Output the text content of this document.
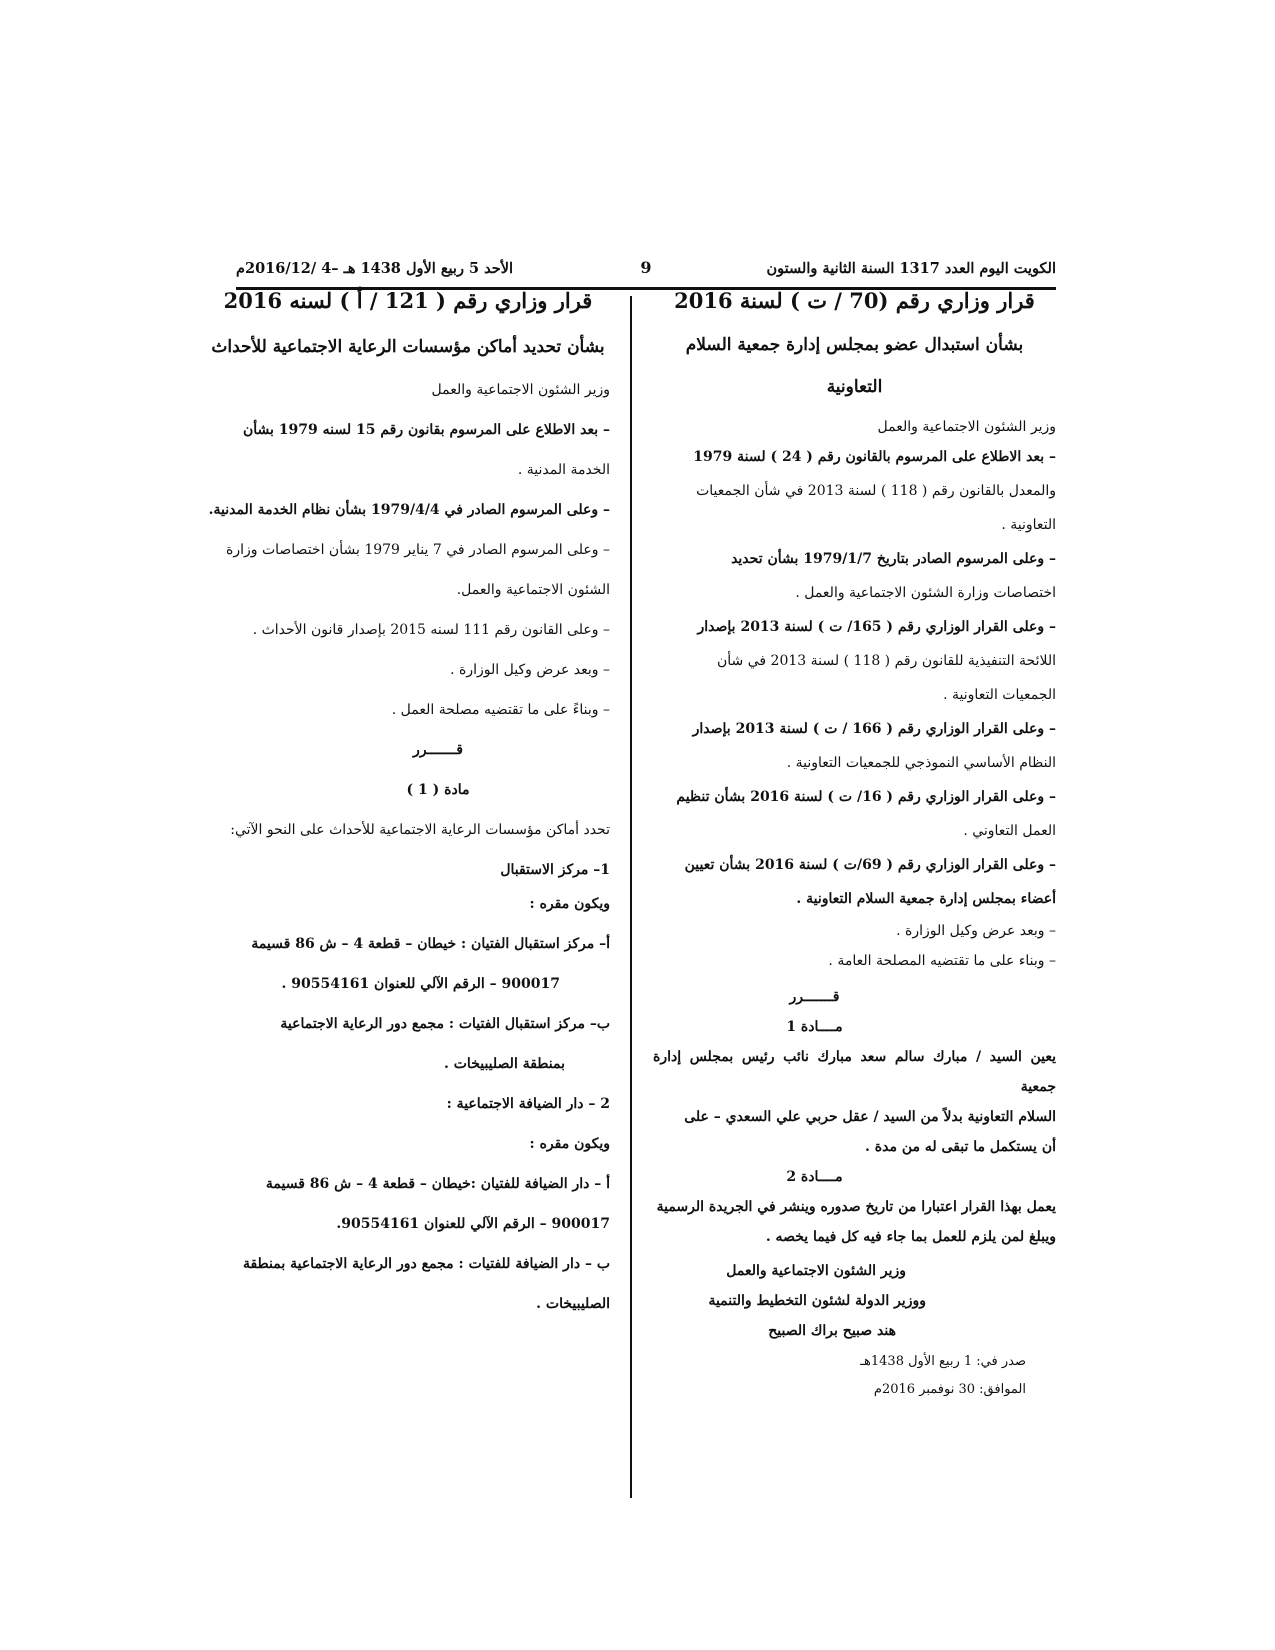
الكويت اليوم العدد 1317 السنة الثانية والستون
9
الأحد 5 ربيع الأول 1438 هـ –4 /2016/12م

قرار وزاري رقم (70 / ت ) لسنة 2016

بشأن استبدال عضو بمجلس إدارة جمعية السلام

التعاونية

وزير الشئون الاجتماعية والعمل

– بعد الاطلاع على المرسوم بالقانون رقم ( 24 ) لسنة 1979

والمعدل بالقانون رقم ( 118 ) لسنة 2013 في شأن الجمعيات

التعاونية .

– وعلى المرسوم الصادر بتاريخ 1979/1/7 بشأن تحديد

اختصاصات وزارة الشئون الاجتماعية والعمل .

– وعلى القرار الوزاري رقم ( 165/ ت ) لسنة 2013 بإصدار

اللائحة التنفيذية للقانون رقم ( 118 ) لسنة 2013 في شأن

الجمعيات التعاونية .

– وعلى القرار الوزاري رقم ( 166 / ت ) لسنة 2013 بإصدار

النظام الأساسي النموذجي للجمعيات التعاونية .

– وعلى القرار الوزاري رقم ( 16/ ت ) لسنة 2016 بشأن تنظيم

العمل التعاوني .

– وعلى القرار الوزاري رقم ( 69/ت ) لسنة 2016 بشأن تعيين

أعضاء بمجلس إدارة جمعية السلام التعاونية .

– وبعد عرض وكيل الوزارة .

– وبناء على ما تقتضيه المصلحة العامة .

قـــــــرر

مــــادة 1

يعين السيد / مبارك سالم سعد مبارك نائب رئيس بمجلس إدارة جمعية

السلام التعاونية بدلاً من السيد / عقل حربي علي السعدي – على

أن يستكمل ما تبقى له من مدة .

مــــادة 2

يعمل بهذا القرار اعتبارا من تاريخ صدوره وينشر في الجريدة الرسمية

ويبلغ لمن يلزم للعمل بما جاء فيه كل فيما يخصه .

وزير الشئون الاجتماعية والعمل

ووزير الدولة لشئون التخطيط والتنمية

هند صبيح براك الصبيح

صدر في: 1 ربيع الأول 1438هـ

الموافق: 30 نوفمبر 2016م

قرار وزاري رقم ( 121 / أ ) لسنه 2016

بشأن تحديد أماكن مؤسسات الرعاية الاجتماعية للأحداث

وزير الشئون الاجتماعية والعمل

– بعد الاطلاع على المرسوم بقانون رقم 15 لسنه 1979 بشأن

الخدمة المدنية .

– وعلى المرسوم الصادر في 1979/4/4 بشأن نظام الخدمة المدنية.

– وعلى المرسوم الصادر في 7 يناير 1979 بشأن اختصاصات وزارة

الشئون الاجتماعية والعمل.

– وعلى القانون رقم 111 لسنه 2015 بإصدار قانون الأحداث .

– وبعد عرض وكيل الوزارة .

– وبناءً على ما تقتضيه مصلحة العمل .

قـــــــرر

مادة ( 1 )

تحدد أماكن مؤسسات الرعاية الاجتماعية للأحداث على النحو الآتي:

1– مركز الاستقبال

ويكون مقره :

أ– مركز استقبال الفتيان : خيطان – قطعة 4 – ش 86 قسيمة

900017 – الرقم الآلي للعنوان 90554161 .

ب– مركز استقبال الفتيات : مجمع دور الرعاية الاجتماعية

بمنطقة الصليبيخات .

2 – دار الضيافة الاجتماعية :

ويكون مقره :

أ – دار الضيافة للفتيان :خيطان – قطعة 4 – ش 86 قسيمة

900017 – الرقم الآلي للعنوان 90554161.

ب – دار الضيافة للفتيات : مجمع دور الرعاية الاجتماعية بمنطقة

الصليبيخات .
